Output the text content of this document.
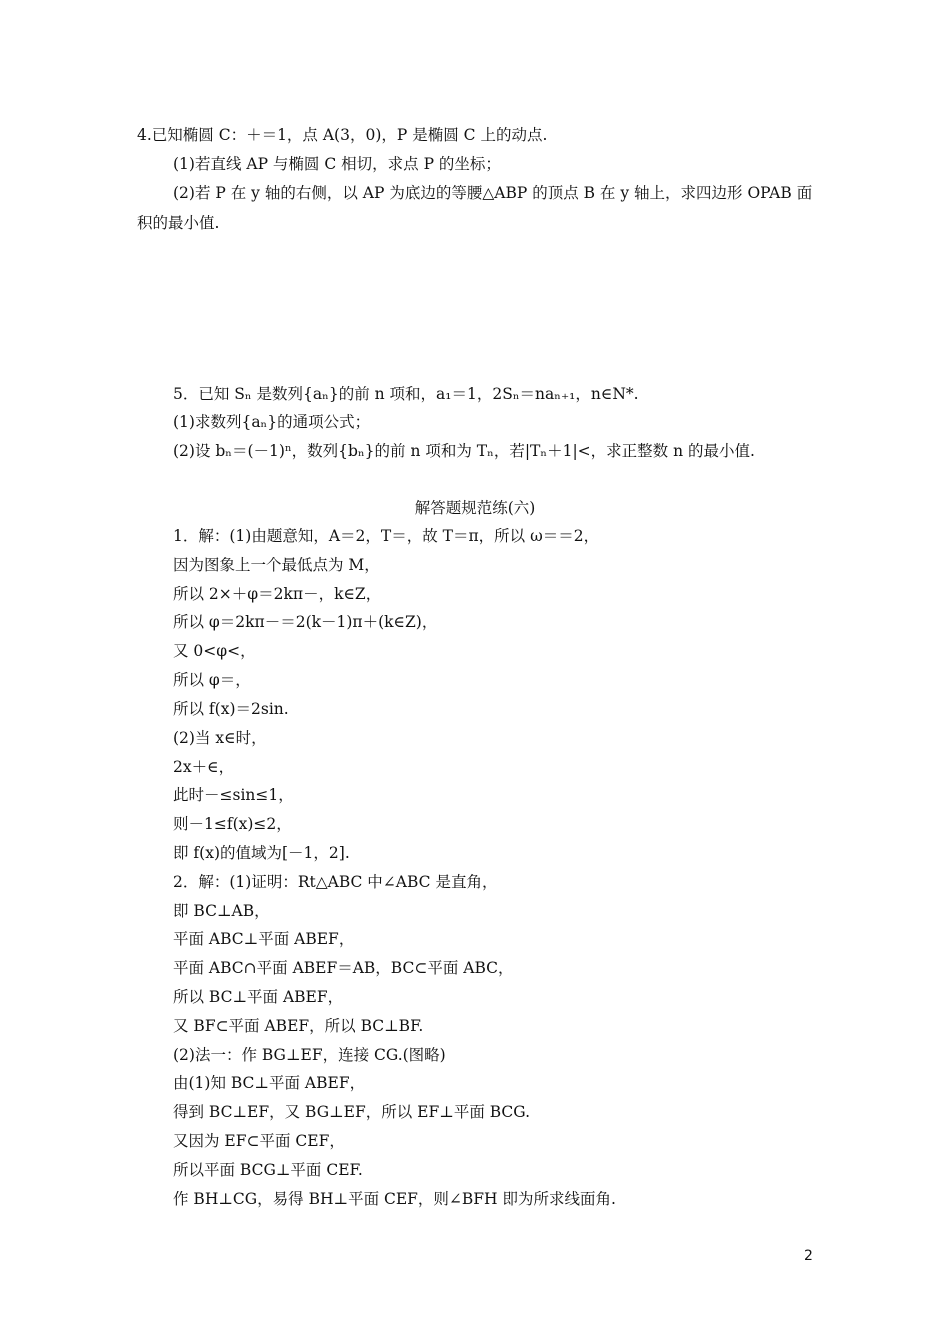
4.已知椭圆 C：＋＝1，点 A(3，0)，P 是椭圆 C 上的动点.
(1)若直线 AP 与椭圆 C 相切，求点 P 的坐标；
(2)若 P 在 y 轴的右侧，以 AP 为底边的等腰△ABP 的顶点 B 在 y 轴上，求四边形 OPAB 面
积的最小值.
5．已知 Sₙ 是数列{aₙ}的前 n 项和，a₁＝1，2Sₙ＝naₙ₊₁，n∈N*.
(1)求数列{aₙ}的通项公式；
(2)设 bₙ＝(－1)ⁿ，数列{bₙ}的前 n 项和为 Tₙ，若|Tₙ＋1|<，求正整数 n 的最小值.
解答题规范练(六)
1．解：(1)由题意知，A＝2，T＝，故 T＝π，所以 ω＝＝2，
因为图象上一个最低点为 M，
所以 2×＋φ＝2kπ－，k∈Z，
所以 φ＝2kπ－＝2(k－1)π＋(k∈Z)，
又 0<φ<，
所以 φ＝，
所以 f(x)＝2sin.
(2)当 x∈时，
2x＋∈，
此时－≤sin≤1，
则－1≤f(x)≤2，
即 f(x)的值域为[－1，2].
2．解：(1)证明：Rt△ABC 中∠ABC 是直角，
即 BC⊥AB，
平面 ABC⊥平面 ABEF，
平面 ABC∩平面 ABEF＝AB，BC⊂平面 ABC，
所以 BC⊥平面 ABEF，
又 BF⊂平面 ABEF，所以 BC⊥BF.
(2)法一：作 BG⊥EF，连接 CG.(图略)
由(1)知 BC⊥平面 ABEF，
得到 BC⊥EF，又 BG⊥EF，所以 EF⊥平面 BCG.
又因为 EF⊂平面 CEF，
所以平面 BCG⊥平面 CEF.
作 BH⊥CG，易得 BH⊥平面 CEF，则∠BFH 即为所求线面角.
2
